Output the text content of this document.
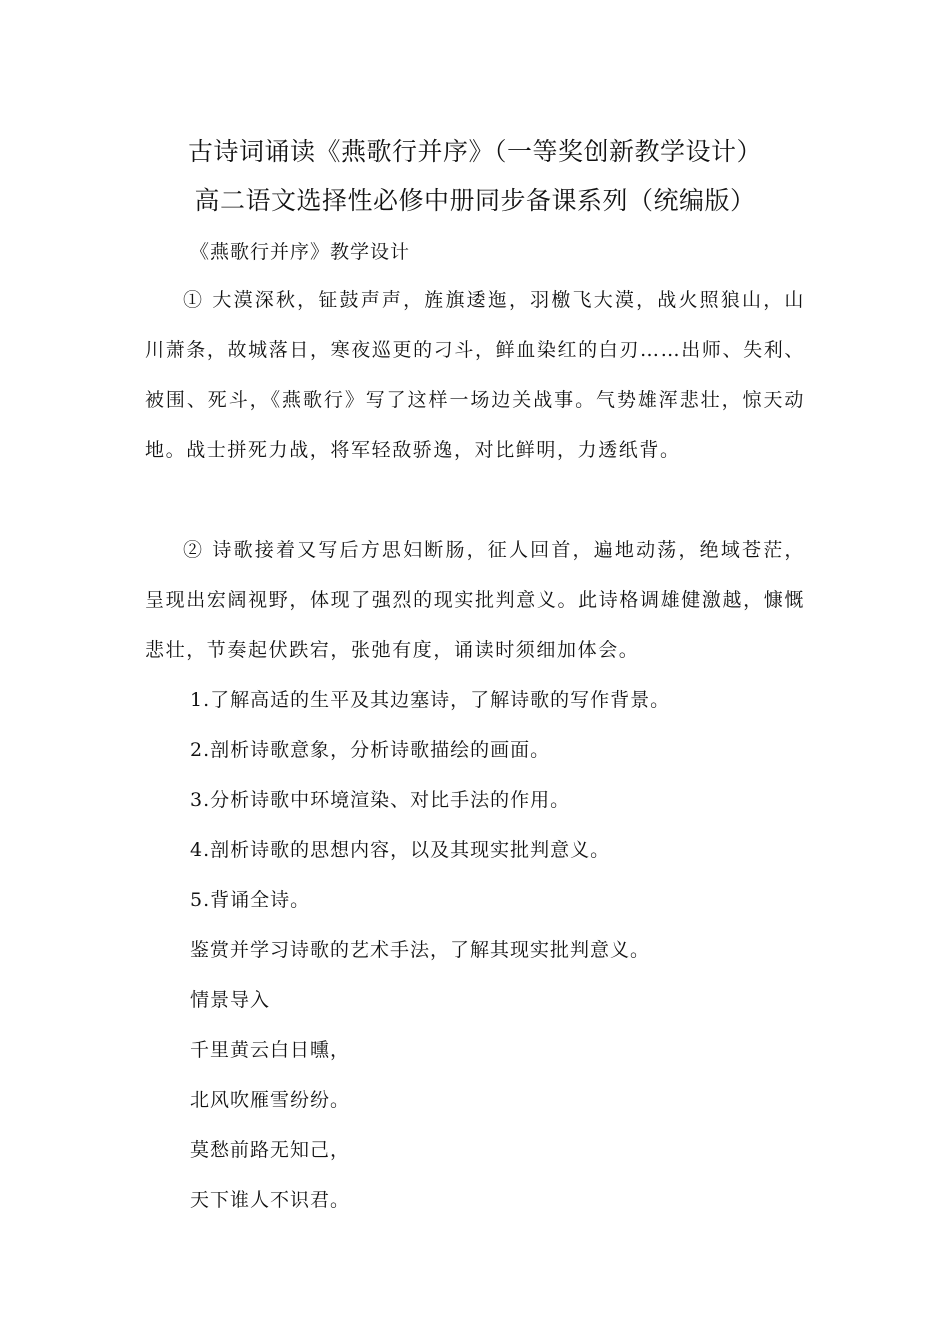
古诗词诵读《燕歌行并序》（一等奖创新教学设计）
高二语文选择性必修中册同步备课系列（统编版）
《燕歌行并序》教学设计

① 大漠深秋，钲鼓声声，旌旗逶迤，羽檄飞大漠，战火照狼山，山川萧条，故城落日，寒夜巡更的刁斗，鲜血染红的白刃……出师、失利、被围、死斗，《燕歌行》写了这样一场边关战事。气势雄浑悲壮，惊天动地。战士拼死力战，将军轻敌骄逸，对比鲜明，力透纸背。

② 诗歌接着又写后方思妇断肠，征人回首，遍地动荡，绝域苍茫，呈现出宏阔视野，体现了强烈的现实批判意义。此诗格调雄健激越，慷慨悲壮，节奏起伏跌宕，张弛有度，诵读时须细加体会。

1.了解高适的生平及其边塞诗，了解诗歌的写作背景。
2.剖析诗歌意象，分析诗歌描绘的画面。
3.分析诗歌中环境渲染、对比手法的作用。
4.剖析诗歌的思想内容，以及其现实批判意义。
5.背诵全诗。
鉴赏并学习诗歌的艺术手法，了解其现实批判意义。
情景导入
千里黄云白日曛，
北风吹雁雪纷纷。
莫愁前路无知己，
天下谁人不识君。
